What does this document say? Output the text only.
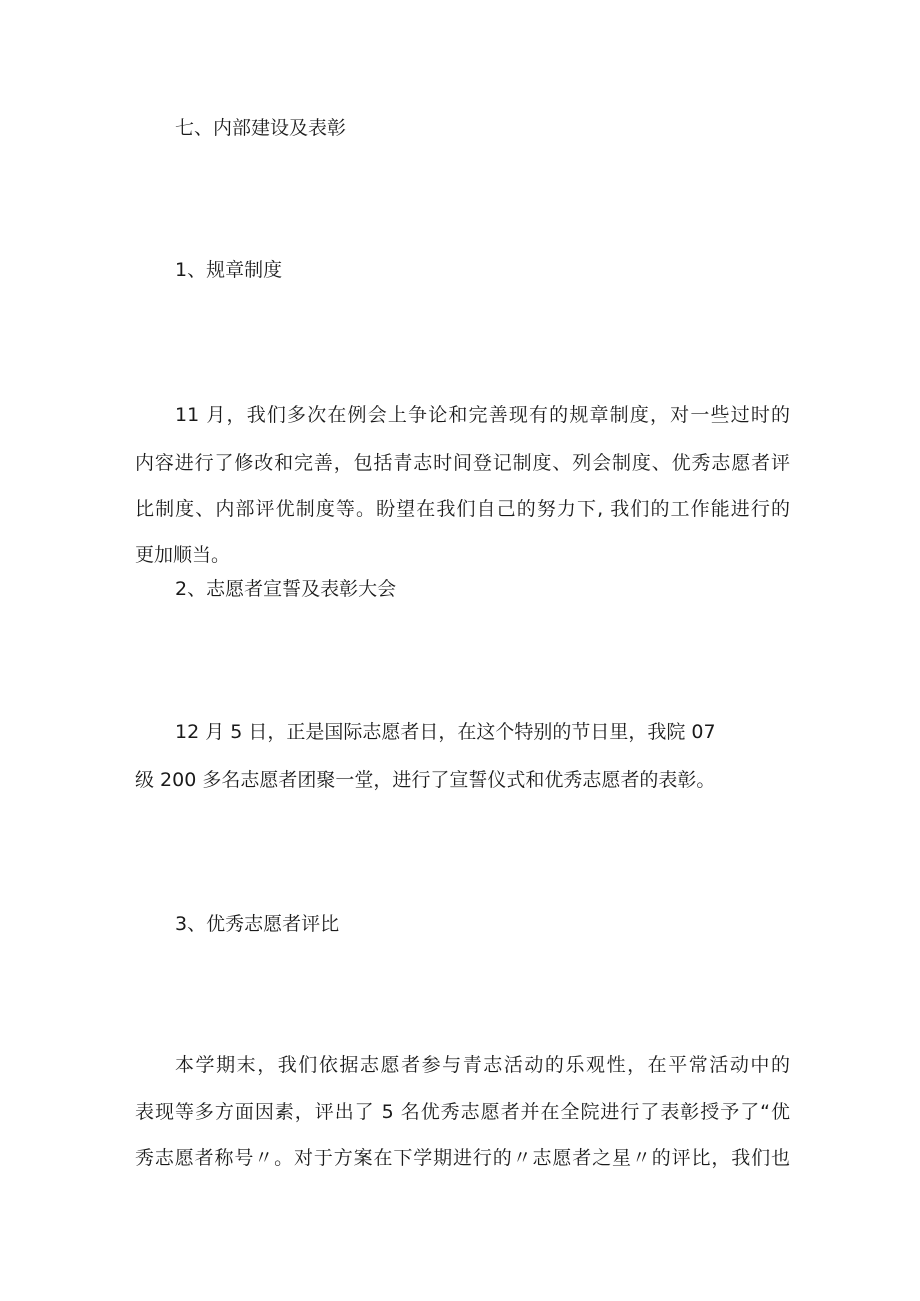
七、内部建设及表彰
1、规章制度
11 月，我们多次在例会上争论和完善现有的规章制度，对一些过时的
内容进行了修改和完善，包括青志时间登记制度、列会制度、优秀志愿者评
比制度、内部评优制度等。盼望在我们自己的努力下, 我们的工作能进行的
更加顺当。
2、志愿者宣誓及表彰大会
12 月 5 日，正是国际志愿者日，在这个特别的节日里，我院 07
级 200 多名志愿者团聚一堂，进行了宣誓仪式和优秀志愿者的表彰。
3、优秀志愿者评比
本学期末，我们依据志愿者参与青志活动的乐观性，在平常活动中的
表现等多方面因素，评出了 5 名优秀志愿者并在全院进行了表彰授予了“优
秀志愿者称号〃。对于方案在下学期进行的〃志愿者之星〃的评比，我们也
